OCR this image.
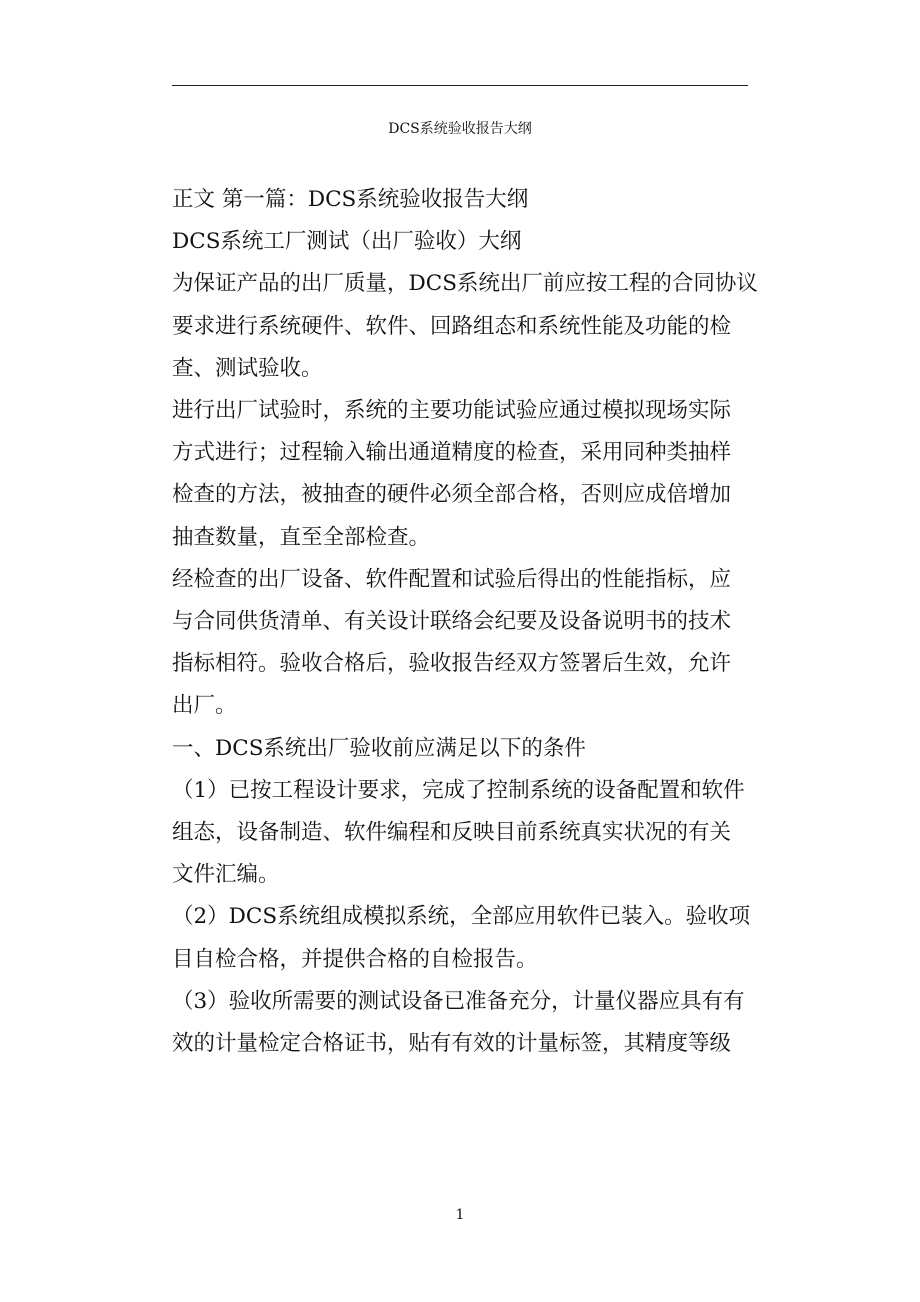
DCS系统验收报告大纲
正文 第一篇：DCS系统验收报告大纲
DCS系统工厂测试（出厂验收）大纲
为保证产品的出厂质量，DCS系统出厂前应按工程的合同协议
要求进行系统硬件、软件、回路组态和系统性能及功能的检
查、测试验收。
进行出厂试验时，系统的主要功能试验应通过模拟现场实际
方式进行；过程输入输出通道精度的检查，采用同种类抽样
检查的方法，被抽查的硬件必须全部合格，否则应成倍增加
抽查数量，直至全部检查。
经检查的出厂设备、软件配置和试验后得出的性能指标，应
与合同供货清单、有关设计联络会纪要及设备说明书的技术
指标相符。验收合格后，验收报告经双方签署后生效，允许
出厂。
一、DCS系统出厂验收前应满足以下的条件
（1）已按工程设计要求，完成了控制系统的设备配置和软件
组态，设备制造、软件编程和反映目前系统真实状况的有关
文件汇编。
（2）DCS系统组成模拟系统，全部应用软件已装入。验收项
目自检合格，并提供合格的自检报告。
（3）验收所需要的测试设备已准备充分，计量仪器应具有有
效的计量检定合格证书，贴有有效的计量标签，其精度等级
1
